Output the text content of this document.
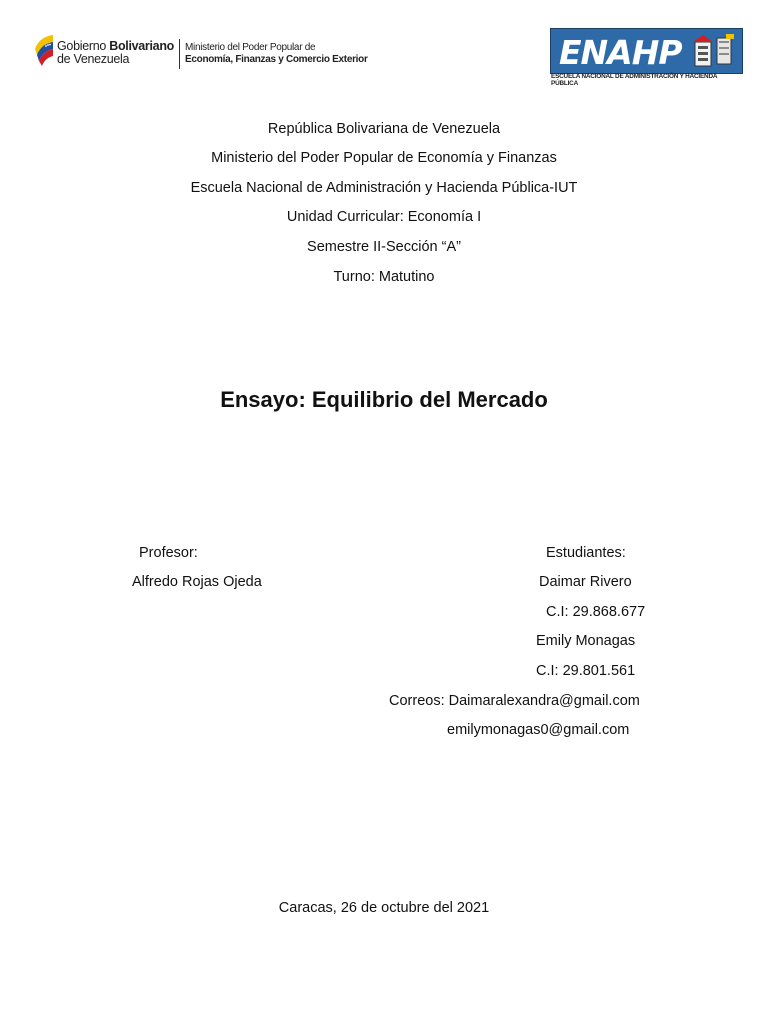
Gobierno Bolivariano
de Venezuela
Ministerio del Poder Popular de
Economía, Finanzas y Comercio Exterior	ENAHP
ESCUELA NACIONAL DE ADMINISTRACIÓN Y HACIENDA PÚBLICA
República Bolivariana de Venezuela
Ministerio del Poder Popular de Economía y Finanzas
Escuela Nacional de Administración y Hacienda Pública-IUT
Unidad Curricular: Economía I
Semestre II-Sección “A”
Turno: Matutino
Ensayo: Equilibrio del Mercado
Profesor:
Alfredo Rojas Ojeda
Estudiantes:
Daimar Rivero
C.I: 29.868.677
Emily Monagas
C.I: 29.801.561
Correos: Daimaralexandra@gmail.com
emilymonagas0@gmail.com
Caracas, 26 de octubre del 2021
